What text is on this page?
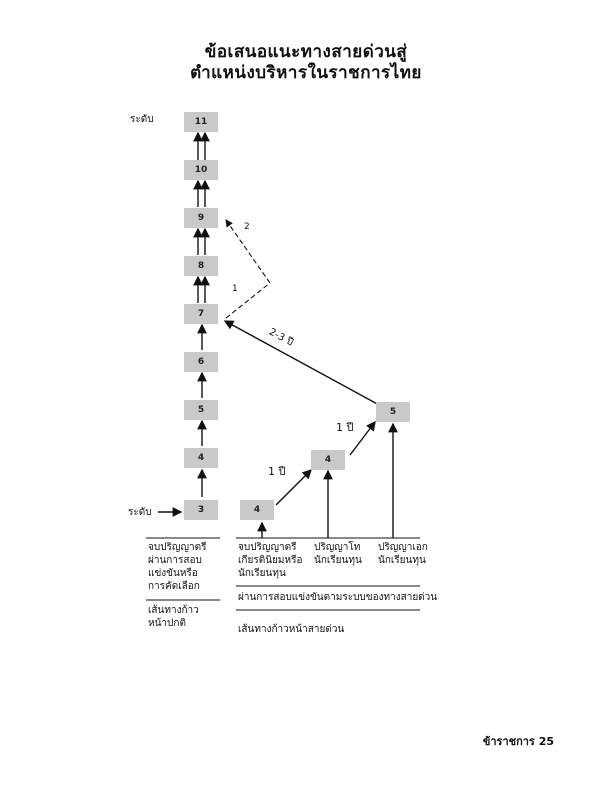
ข้อเสนอแนะทางสายด่วนสู่
ตำแหน่งบริหารในราชการไทย
ระดับ
ระดับ
11
10
9
8
7
6
5
4
3	4
4
5
1 ปี
1 ปี
2-3 ปี
1
2
จบปริญญาตรี
ผ่านการสอบ
แข่งขันหรือ
การคัดเลือก
จบปริญญาตรี
เกียรตินิยมหรือ
นักเรียนทุน
ปริญญาโท
นักเรียนทุน
ปริญญาเอก
นักเรียนทุน
ผ่านการสอบแข่งขันตามระบบของทางสายด่วน
เส้นทางก้าว
หน้าปกติ
เส้นทางก้าวหน้าสายด่วน
ข้าราชการ 25
